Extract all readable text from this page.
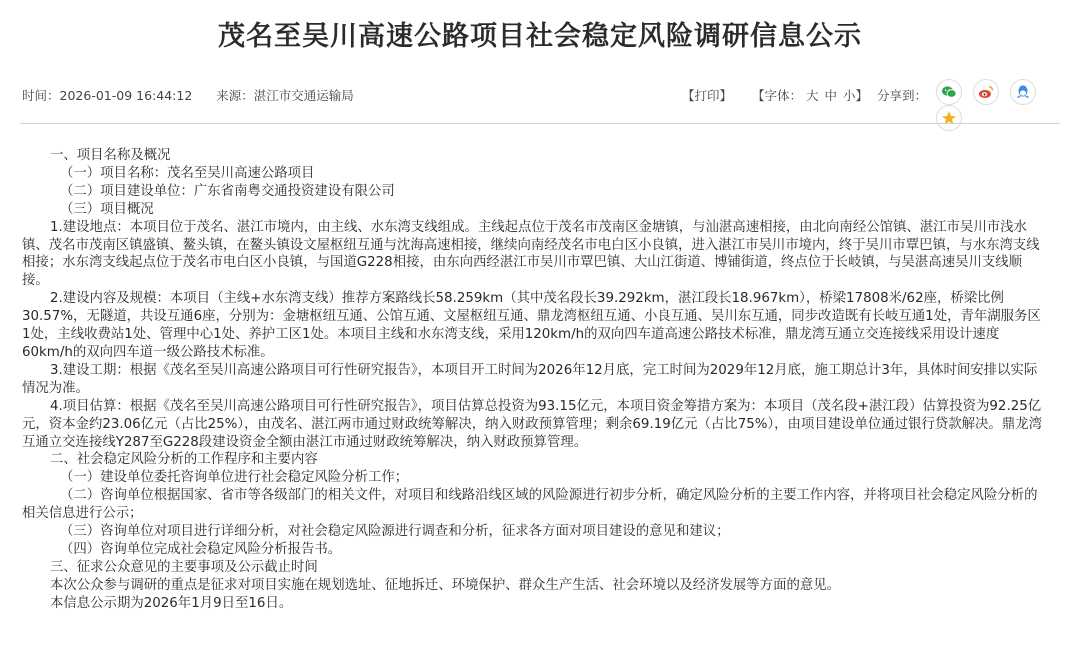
茂名至吴川高速公路项目社会稳定风险调研信息公示
时间：2026-01-09 16:44:12 来源：湛江市交通运输局	【打印】 【字体： 大 中 小】 分享到：

一、项目名称及概况

（一）项目名称：茂名至吴川高速公路项目

（二）项目建设单位：广东省南粤交通投资建设有限公司

（三）项目概况

1.建设地点：本项目位于茂名、湛江市境内，由主线、水东湾支线组成。主线起点位于茂名市茂南区金塘镇，与汕湛高速相接，由北向南经公馆镇、湛江市吴川市浅水镇、茂名市茂南区镇盛镇、鳌头镇，在鳌头镇设文屋枢纽互通与沈海高速相接，继续向南经茂名市电白区小良镇，进入湛江市吴川市境内，终于吴川市覃巴镇，与水东湾支线相接；水东湾支线起点位于茂名市电白区小良镇，与国道G228相接，由东向西经湛江市吴川市覃巴镇、大山江街道、博铺街道，终点位于长岐镇，与吴湛高速吴川支线顺接。

2.建设内容及规模：本项目（主线+水东湾支线）推荐方案路线长58.259km（其中茂名段长39.292km，湛江段长18.967km），桥梁17808米/62座，桥梁比例30.57%，无隧道，共设互通6座，分别为：金塘枢纽互通、公馆互通、文屋枢纽互通、鼎龙湾枢纽互通、小良互通、吴川东互通，同步改造既有长岐互通1处，青年湖服务区1处，主线收费站1处、管理中心1处、养护工区1处。本项目主线和水东湾支线，采用120km/h的双向四车道高速公路技术标准，鼎龙湾互通立交连接线采用设计速度60km/h的双向四车道一级公路技术标准。

3.建设工期：根据《茂名至吴川高速公路项目可行性研究报告》，本项目开工时间为2026年12月底，完工时间为2029年12月底，施工期总计3年，具体时间安排以实际情况为准。

4.项目估算：根据《茂名至吴川高速公路项目可行性研究报告》，项目估算总投资为93.15亿元，本项目资金筹措方案为：本项目（茂名段+湛江段）估算投资为92.25亿元，资本金约23.06亿元（占比25%），由茂名、湛江两市通过财政统筹解决，纳入财政预算管理；剩余69.19亿元（占比75%），由项目建设单位通过银行贷款解决。鼎龙湾互通立交连接线Y287至G228段建设资金全额由湛江市通过财政统筹解决，纳入财政预算管理。

二、社会稳定风险分析的工作程序和主要内容

（一）建设单位委托咨询单位进行社会稳定风险分析工作；

（二）咨询单位根据国家、省市等各级部门的相关文件，对项目和线路沿线区域的风险源进行初步分析，确定风险分析的主要工作内容，并将项目社会稳定风险分析的相关信息进行公示；

（三）咨询单位对项目进行详细分析，对社会稳定风险源进行调查和分析，征求各方面对项目建设的意见和建议；

（四）咨询单位完成社会稳定风险分析报告书。

三、征求公众意见的主要事项及公示截止时间

本次公众参与调研的重点是征求对项目实施在规划选址、征地拆迁、环境保护、群众生产生活、社会环境以及经济发展等方面的意见。

本信息公示期为2026年1月9日至16日。
